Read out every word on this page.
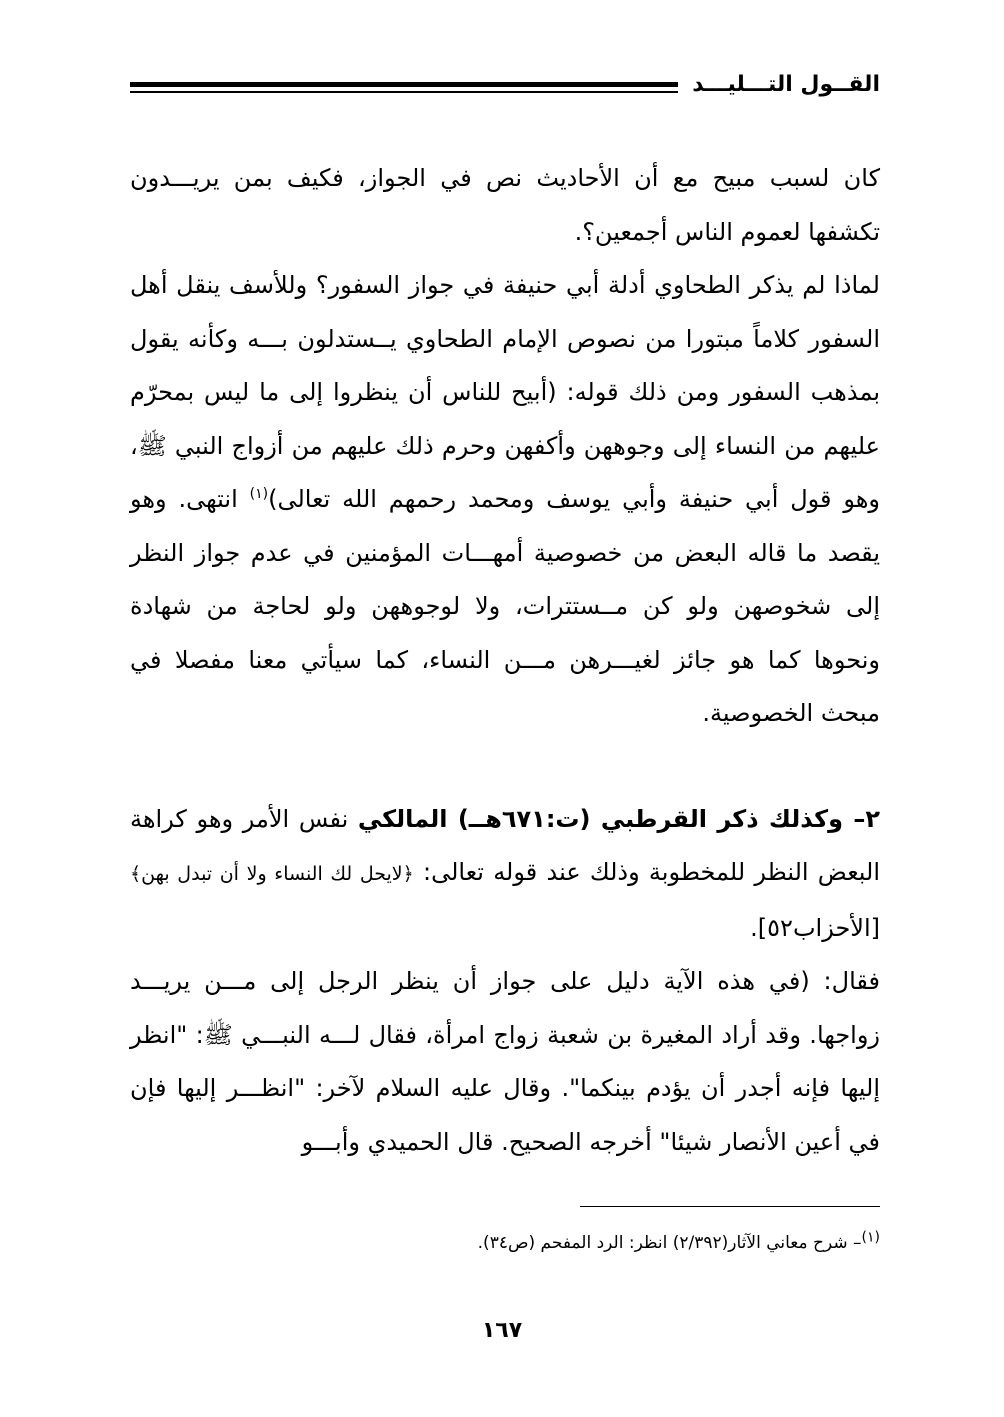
القــول التـــليـــد

كان لسبب مبيح مع أن الأحاديث نص في الجواز، فكيف بمن يريـــدون تكشفها لعموم الناس أجمعين؟.

لماذا لم يذكر الطحاوي أدلة أبي حنيفة في جواز السفور؟ وللأسف ينقل أهل السفور كلاماً مبتورا من نصوص الإمام الطحاوي يــستدلون بـــه وكأنه يقول بمذهب السفور ومن ذلك قوله: (أبيح للناس أن ينظروا إلى ما ليس بمحرّم عليهم من النساء إلى وجوههن وأكفهن وحرم ذلك عليهم من أزواج النبي ﷺ، وهو قول أبي حنيفة وأبي يوسف ومحمد رحمهم الله تعالى)$^{(١)}$ انتهى. وهو يقصد ما قاله البعض من خصوصية أمهـــات المؤمنين في عدم جواز النظر إلى شخوصهن ولو كن مــستترات، ولا لوجوههن ولو لحاجة من شهادة ونحوها كما هو جائز لغيـــرهن مـــن النساء، كما سيأتي معنا مفصلا في مبحث الخصوصية.

٢– وكذلك ذكر القرطبي (ت:٦٧١هــ) المالكي نفس الأمر وهو كراهة البعض النظر للمخطوبة وذلك عند قوله تعالى: ﴿لايحل لك النساء ولا أن تبدل بهن﴾ [الأحزاب٥٢].

فقال: (في هذه الآية دليل على جواز أن ينظر الرجل إلى مـــن يريـــد زواجها. وقد أراد المغيرة بن شعبة زواج امرأة، فقال لـــه النبـــي ﷺ: "انظر إليها فإنه أجدر أن يؤدم بينكما". وقال عليه السلام لآخر: "انظـــر إليها فإن في أعين الأنصار شيئا" أخرجه الصحيح. قال الحميدي وأبـــو

$^{(١)}$– شرح معاني الآثار(٢/٣٩٢) انظر: الرد المفحم (ص٣٤).
١٦٧
